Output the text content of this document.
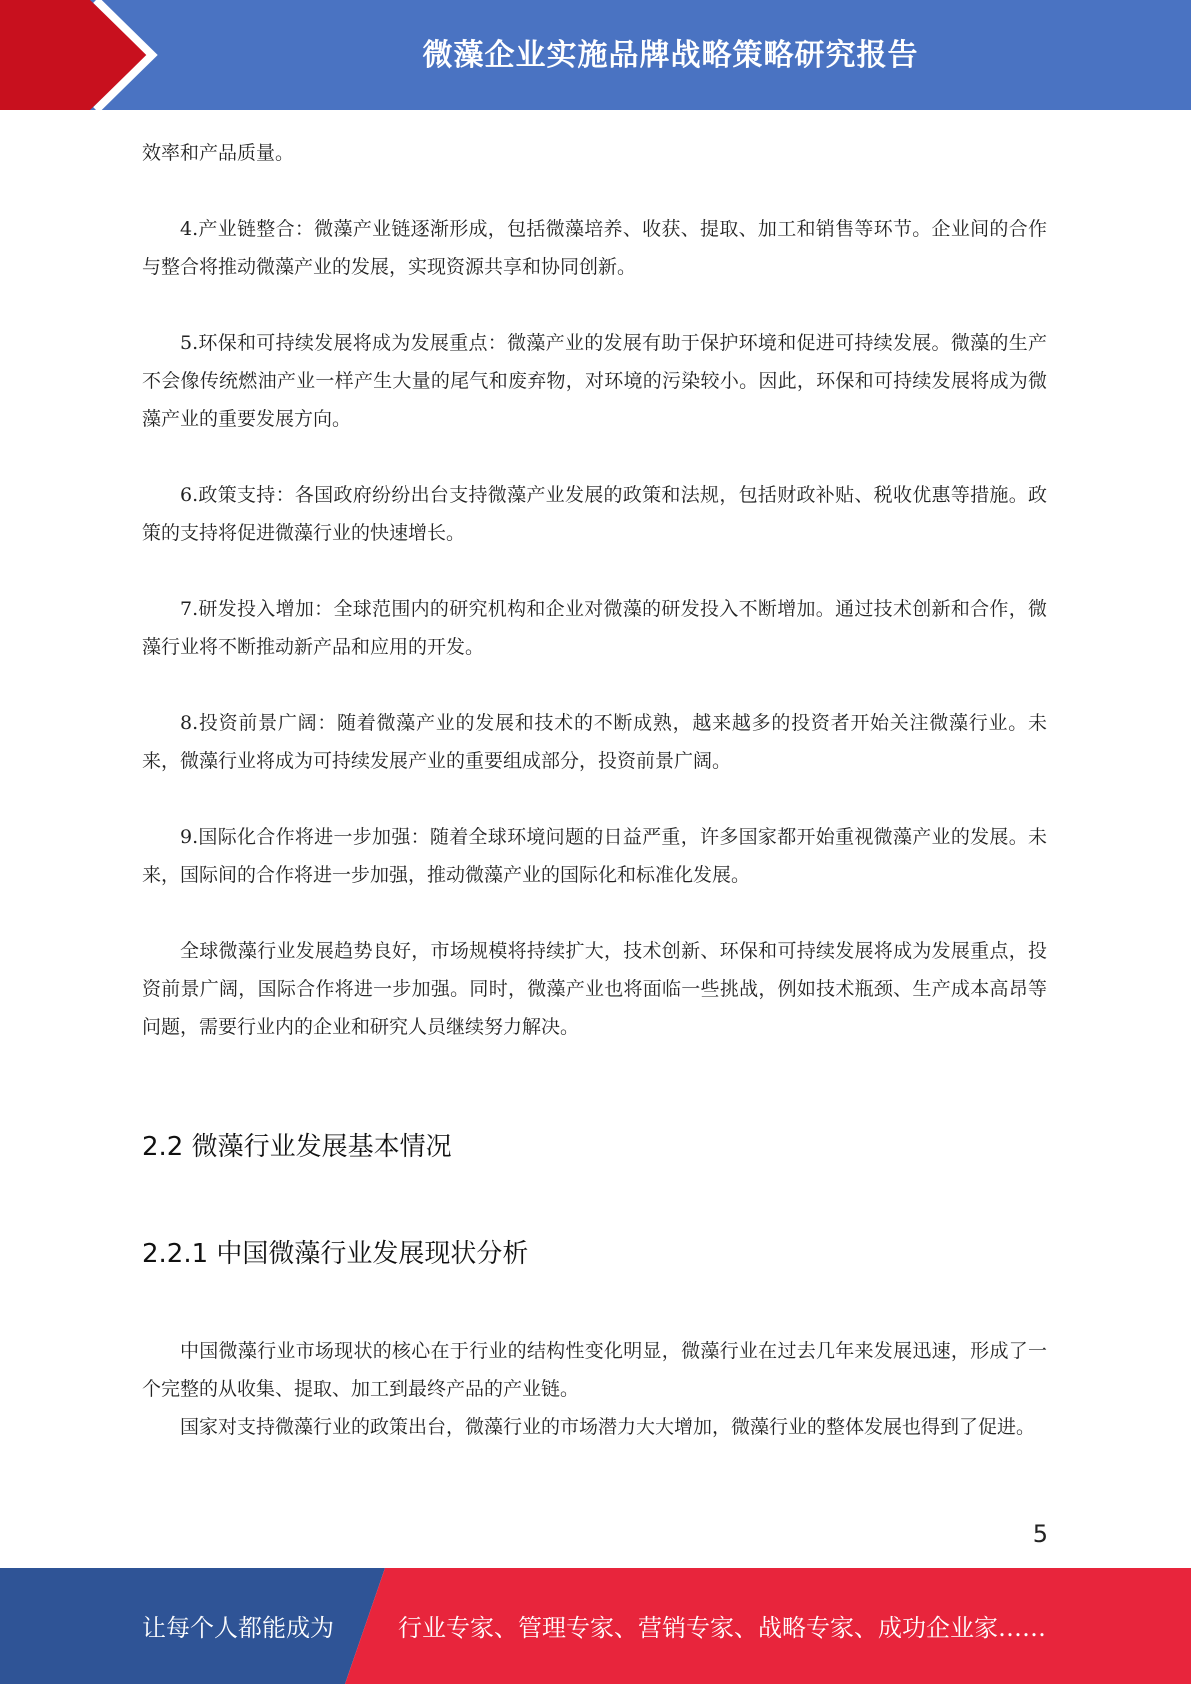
微藻企业实施品牌战略策略研究报告

效率和产品质量。

4.产业链整合：微藻产业链逐渐形成，包括微藻培养、收获、提取、加工和销售等环节。企业间的合作与整合将推动微藻产业的发展，实现资源共享和协同创新。

5.环保和可持续发展将成为发展重点：微藻产业的发展有助于保护环境和促进可持续发展。微藻的生产不会像传统燃油产业一样产生大量的尾气和废弃物，对环境的污染较小。因此，环保和可持续发展将成为微藻产业的重要发展方向。

6.政策支持：各国政府纷纷出台支持微藻产业发展的政策和法规，包括财政补贴、税收优惠等措施。政策的支持将促进微藻行业的快速增长。

7.研发投入增加：全球范围内的研究机构和企业对微藻的研发投入不断增加。通过技术创新和合作，微藻行业将不断推动新产品和应用的开发。

8.投资前景广阔：随着微藻产业的发展和技术的不断成熟，越来越多的投资者开始关注微藻行业。未来，微藻行业将成为可持续发展产业的重要组成部分，投资前景广阔。

9.国际化合作将进一步加强：随着全球环境问题的日益严重，许多国家都开始重视微藻产业的发展。未来，国际间的合作将进一步加强，推动微藻产业的国际化和标准化发展。

全球微藻行业发展趋势良好，市场规模将持续扩大，技术创新、环保和可持续发展将成为发展重点，投资前景广阔，国际合作将进一步加强。同时，微藻产业也将面临一些挑战，例如技术瓶颈、生产成本高昂等问题，需要行业内的企业和研究人员继续努力解决。

2.2 微藻行业发展基本情况
2.2.1 中国微藻行业发展现状分析

中国微藻行业市场现状的核心在于行业的结构性变化明显，微藻行业在过去几年来发展迅速，形成了一个完整的从收集、提取、加工到最终产品的产业链。

国家对支持微藻行业的政策出台，微藻行业的市场潜力大大增加，微藻行业的整体发展也得到了促进。

5
让每个人都能成为	行业专家、管理专家、营销专家、战略专家、成功企业家……
